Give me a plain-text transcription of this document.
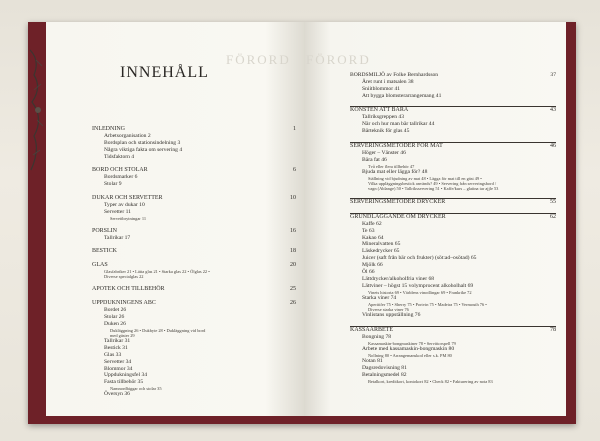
FÖRORD
INNEHÅLL
INLEDNING	1
Arbetsorganisation 2
Bordsplan och stationsindelning 3
Några viktiga fakta om servering 4
Tidsfaktorn 4
BORD OCH STOLAR	6
Bordsmarker 6
Stolar 9
DUKAR OCH SERVETTER	10
Typer av dukar 10
Servetter 11
Servettbrytningar 11
PORSLIN	16
Tallrikar 17
BESTICK	18
GLAS	20
Glasfabriker 21 • Lätta glas 21 • Starka glas 22 • Ölglas 22 •
Diverse specialglas 22
APOTEK OCH TILLBEHÖR	25
UPPDUKNINGENS ABC	26
Bordet 26
Stolar 26
Duken 26
Dukläggning 26 • Dukbyte 28 • Dukläggning vid bord
med gäster 29
Tallrikar 31
Bestick 31
Glas 33
Servetter 34
Blommor 34
Uppdukningsfel 34
Fasta tillbehör 35
Namnordbiggar och stolar 35
Översyn 36
FÖRORD
BORDSMILJÖ av Folke Bernhardsson	37
Året runt i matsalen 38
Sniitblommor 41
Att bygga blomsterarrangemang 41
KONSTEN ATT BÄRA	43
Tallriksgreppen 43
När och hur man bär tallrikar 44
Bärteknik för glas 45
SERVERINGSMETODER FÖR MAT	46
Höger – Vänster 46
Bära fat 46
Två eller flera tillbehör 47
Bjuda mat eller lägga för? 48
Ställning vid bjudning av mat 48 • Lägga för mat till en gäst 49 •
Vilka uppläggningsbestick används? 49 • Servering från serveringsbord /
vagn (Ablange) 50 • Tallriksservering 51 • Kaffe/kurs – glaiina tar ajjle 53
SERVERINGSMETODER DRYCKER	55
GRUNDLÄGGANDE OM DRYCKER	62
Kaffe 62
Te 63
Kakao 64
Mineralvatten 65
Läskedrycker 65
Juicer (saft från bär och frukter) (söt:ad–osötad) 65
Mjölk 66
Öl 66
Lättdrycker/alkoholfria viner 68
Lättviner – högst 15 volymprocent alkoholhalt 69
Vinets historia 69 • Världens vinodlingar 69 • Frankrike 72
Starka viner 74
Aperitifer 75 • Sherry 75 • Portvin 75 • Madeira 75 • Vermouth 76 •
Diverse starka viner 76
Vinlistans uppställning 76
KASSAARBETE	78
Bongning 78
Kassamaskin-bongmaskiner 78 • Servittorspell 79
Arbete med kassamaskin-bongmaskin 80
Nollning 80 • Arrangemanskod eller s.k. PM 80
Notan 81
Dagsredovisning 81
Betalningsmedel 82
Betalkort, kreditkort, kontokort 82 • Check 82 • Fakturering av nota 83
